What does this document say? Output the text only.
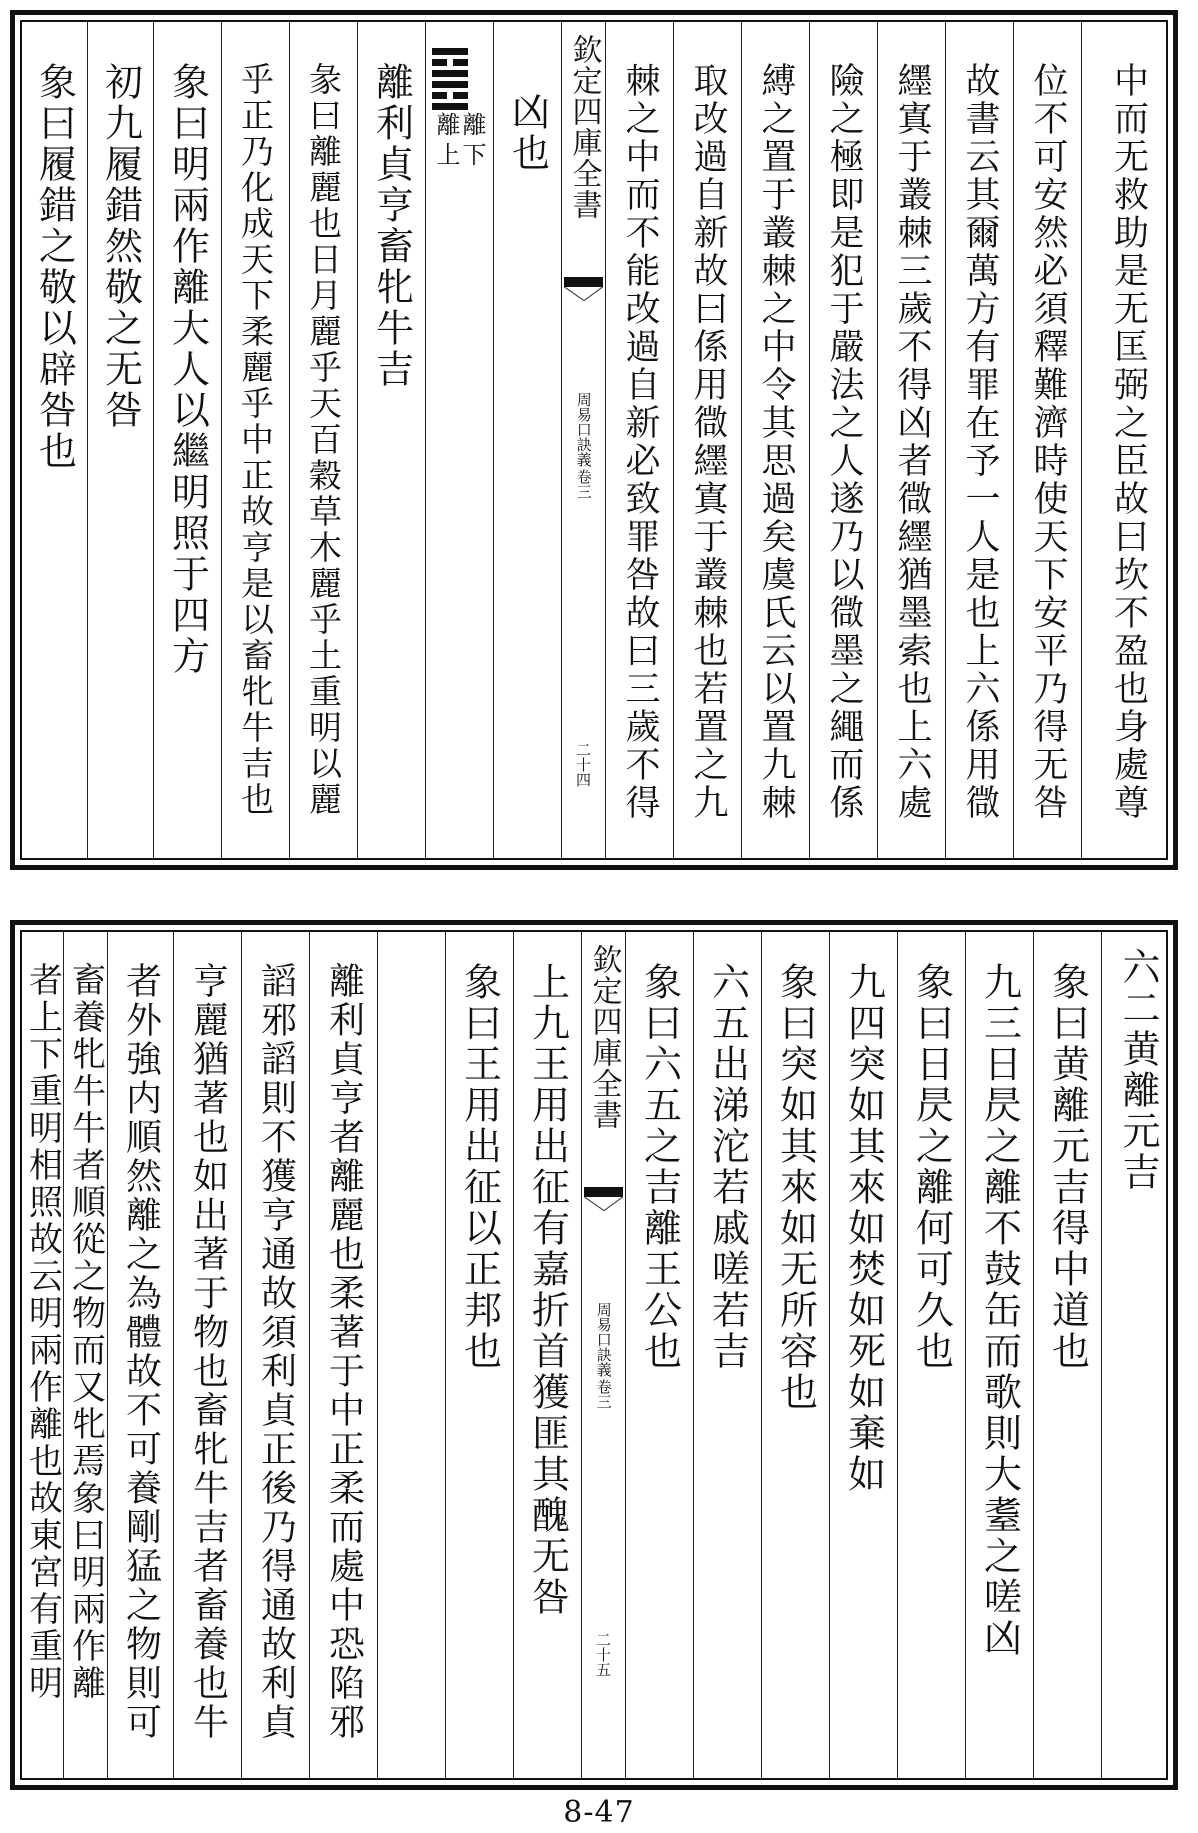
中而无救助是无匡弼之臣故曰坎不盈也身處尊
位不可安然必須釋難濟時使天下安平乃得无咎
故書云其爾萬方有罪在予一人是也上六係用㣲
纆寘于叢棘三歲不得凶者㣲纆猶墨索也上六處
險之極即是犯于嚴法之人遂乃以㣲墨之繩而係
縛之置于叢棘之中令其思過矣虞氏云以置九棘
取改過自新故曰係用㣲纆寘于叢棘也若置之九
棘之中而不能改過自新必致罪咎故曰三歲不得
欽定四庫全書
周易口訣義
卷三
二十四
凶也
離
下
離
上
離利貞亨畜牝牛吉
彖曰離麗也日月麗乎天百穀草木麗乎土重明以麗
乎正乃化成天下柔麗乎中正故亨是以畜牝牛吉也
象曰明兩作離大人以繼明照于四方
初九履錯然敬之无咎
象曰履錯之敬以辟咎也
六二黄離元吉
象曰黄離元吉得中道也
九三日昃之離不鼓缶而歌則大耋之嗟凶
象曰日昃之離何可久也
九四突如其來如焚如死如棄如
象曰突如其來如无所容也
六五出涕沱若戚嗟若吉
象曰六五之吉離王公也
欽定四庫全書
周易口訣義
卷三
二十五
上九王用出征有嘉折首獲匪其醜无咎
象曰王用出征以正邦也
離利貞亨者離麗也柔著于中正柔而處中恐陷邪
謟邪謟則不獲亨通故須利貞正後乃得通故利貞
亨麗猶著也如出著于物也畜牝牛吉者畜養也牛
者外強内順然離之為體故不可養剛猛之物則可
畜養牝牛牛者順從之物而又牝焉象曰明兩作離
者上下重明相照故云明兩作離也故東宮有重明
8-47
